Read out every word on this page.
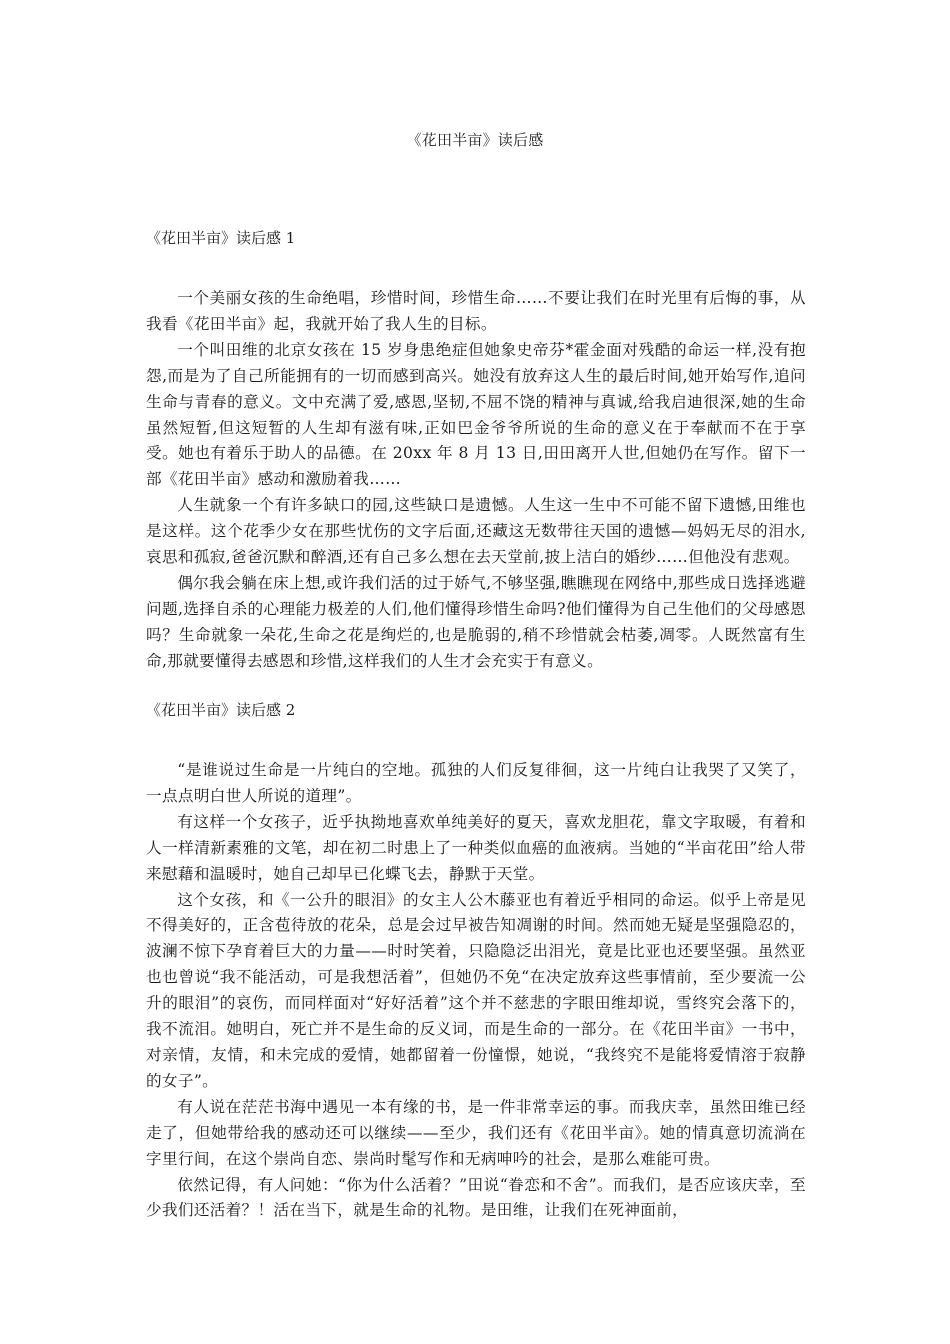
《花田半亩》读后感
《花田半亩》读后感 1

一个美丽女孩的生命绝唱，珍惜时间，珍惜生命……不要让我们在时光里有后悔的事，从我看《花田半亩》起，我就开始了我人生的目标。

一个叫田维的北京女孩在 15 岁身患绝症但她象史帝芬*霍金面对残酷的命运一样,没有抱怨,而是为了自己所能拥有的一切而感到高兴。她没有放弃这人生的最后时间,她开始写作,追问生命与青春的意义。文中充满了爱,感恩,坚韧,不屈不饶的精神与真诚,给我启迪很深,她的生命虽然短暂,但这短暂的人生却有滋有味,正如巴金爷爷所说的生命的意义在于奉献而不在于享受。她也有着乐于助人的品德。在 20xx 年 8 月 13 日,田田离开人世,但她仍在写作。留下一部《花田半亩》感动和激励着我……

人生就象一个有许多缺口的园,这些缺口是遗憾。人生这一生中不可能不留下遗憾,田维也是这样。这个花季少女在那些忧伤的文字后面,还藏这无数带往天国的遗憾—妈妈无尽的泪水,哀思和孤寂,爸爸沉默和醉酒,还有自己多么想在去天堂前,披上洁白的婚纱……但他没有悲观。

偶尔我会躺在床上想,或许我们活的过于娇气,不够坚强,瞧瞧现在网络中,那些成日选择逃避问题,选择自杀的心理能力极差的人们,他们懂得珍惜生命吗?他们懂得为自己生他们的父母感恩吗？生命就象一朵花,生命之花是绚烂的,也是脆弱的,稍不珍惜就会枯萎,凋零。人既然富有生命,那就要懂得去感恩和珍惜,这样我们的人生才会充实于有意义。

《花田半亩》读后感 2

“是谁说过生命是一片纯白的空地。孤独的人们反复徘徊，这一片纯白让我哭了又笑了，一点点明白世人所说的道理”。

有这样一个女孩子，近乎执拗地喜欢单纯美好的夏天，喜欢龙胆花，靠文字取暖，有着和人一样清新素雅的文笔，却在初二时患上了一种类似血癌的血液病。当她的“半亩花田”给人带来慰藉和温暖时，她自己却早已化蝶飞去，静默于天堂。

这个女孩，和《一公升的眼泪》的女主人公木藤亚也有着近乎相同的命运。似乎上帝是见不得美好的，正含苞待放的花朵，总是会过早被告知凋谢的时间。然而她无疑是坚强隐忍的，波澜不惊下孕育着巨大的力量——时时笑着，只隐隐泛出泪光，竟是比亚也还要坚强。虽然亚也也曾说“我不能活动，可是我想活着”，但她仍不免“在决定放弃这些事情前，至少要流一公升的眼泪”的哀伤，而同样面对“好好活着”这个并不慈悲的字眼田维却说，雪终究会落下的，我不流泪。她明白，死亡并不是生命的反义词，而是生命的一部分。在《花田半亩》一书中，对亲情，友情，和未完成的爱情，她都留着一份憧憬，她说，“我终究不是能将爱情溶于寂静的女子”。

有人说在茫茫书海中遇见一本有缘的书，是一件非常幸运的事。而我庆幸，虽然田维已经走了，但她带给我的感动还可以继续——至少，我们还有《花田半亩》。她的情真意切流淌在字里行间，在这个崇尚自恋、崇尚时髦写作和无病呻吟的社会，是那么难能可贵。

依然记得，有人问她：“你为什么活着？”田说“眷恋和不舍”。而我们，是否应该庆幸，至少我们还活着？！活在当下，就是生命的礼物。是田维，让我们在死神面前，
